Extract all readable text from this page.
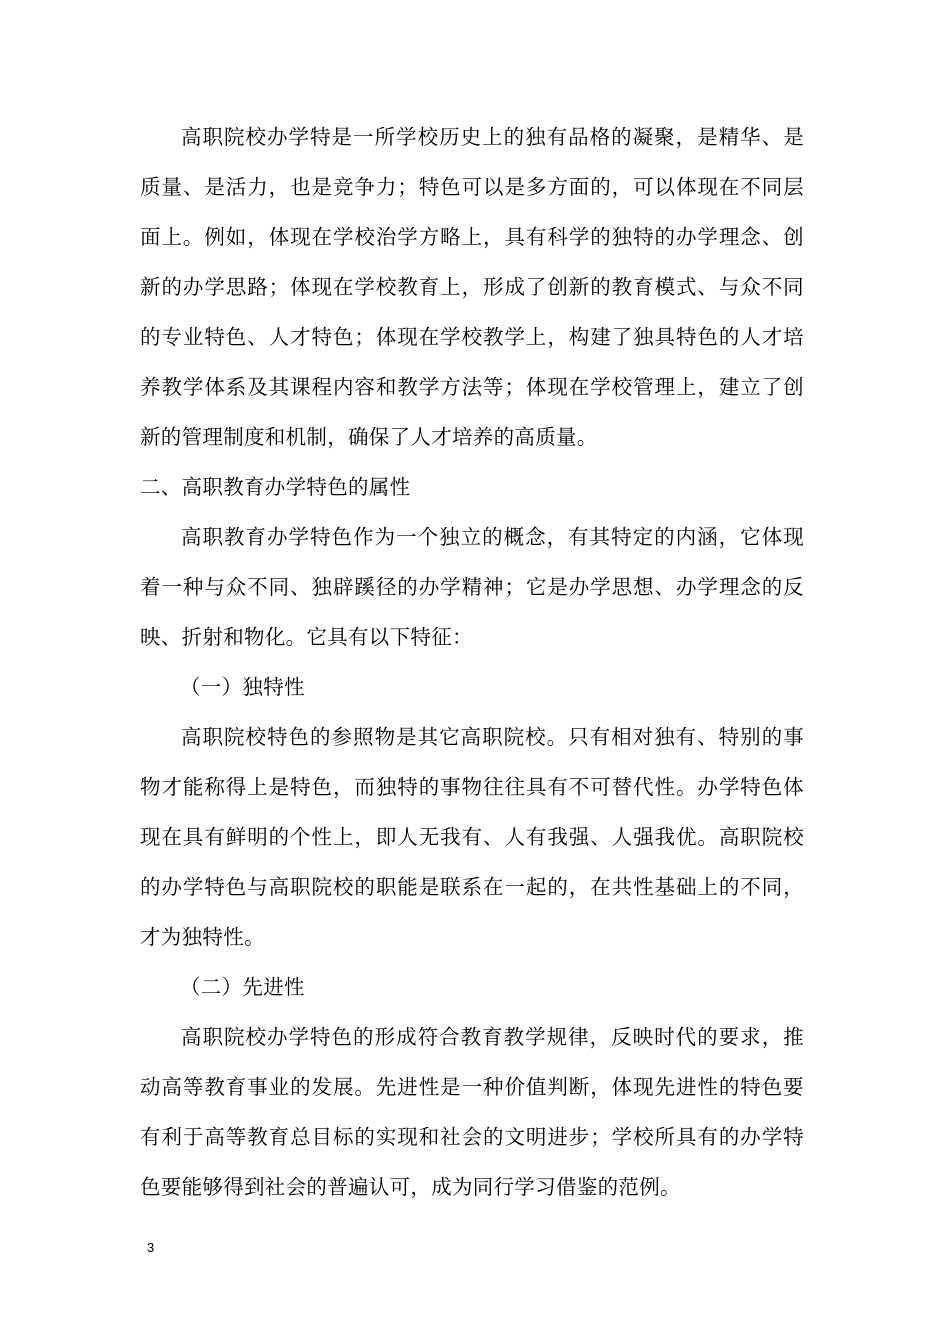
高职院校办学特是一所学校历史上的独有品格的凝聚，是精华、是质量、是活力，也是竞争力；特色可以是多方面的，可以体现在不同层面上。例如，体现在学校治学方略上，具有科学的独特的办学理念、创新的办学思路；体现在学校教育上，形成了创新的教育模式、与众不同的专业特色、人才特色；体现在学校教学上，构建了独具特色的人才培养教学体系及其课程内容和教学方法等；体现在学校管理上，建立了创新的管理制度和机制，确保了人才培养的高质量。

二、高职教育办学特色的属性

高职教育办学特色作为一个独立的概念，有其特定的内涵，它体现着一种与众不同、独辟蹊径的办学精神；它是办学思想、办学理念的反映、折射和物化。它具有以下特征：

（一）独特性

高职院校特色的参照物是其它高职院校。只有相对独有、特别的事物才能称得上是特色，而独特的事物往往具有不可替代性。办学特色体现在具有鲜明的个性上，即人无我有、人有我强、人强我优。高职院校的办学特色与高职院校的职能是联系在一起的，在共性基础上的不同，才为独特性。

（二）先进性

高职院校办学特色的形成符合教育教学规律，反映时代的要求，推动高等教育事业的发展。先进性是一种价值判断，体现先进性的特色要有利于高等教育总目标的实现和社会的文明进步；学校所具有的办学特色要能够得到社会的普遍认可，成为同行学习借鉴的范例。

3
